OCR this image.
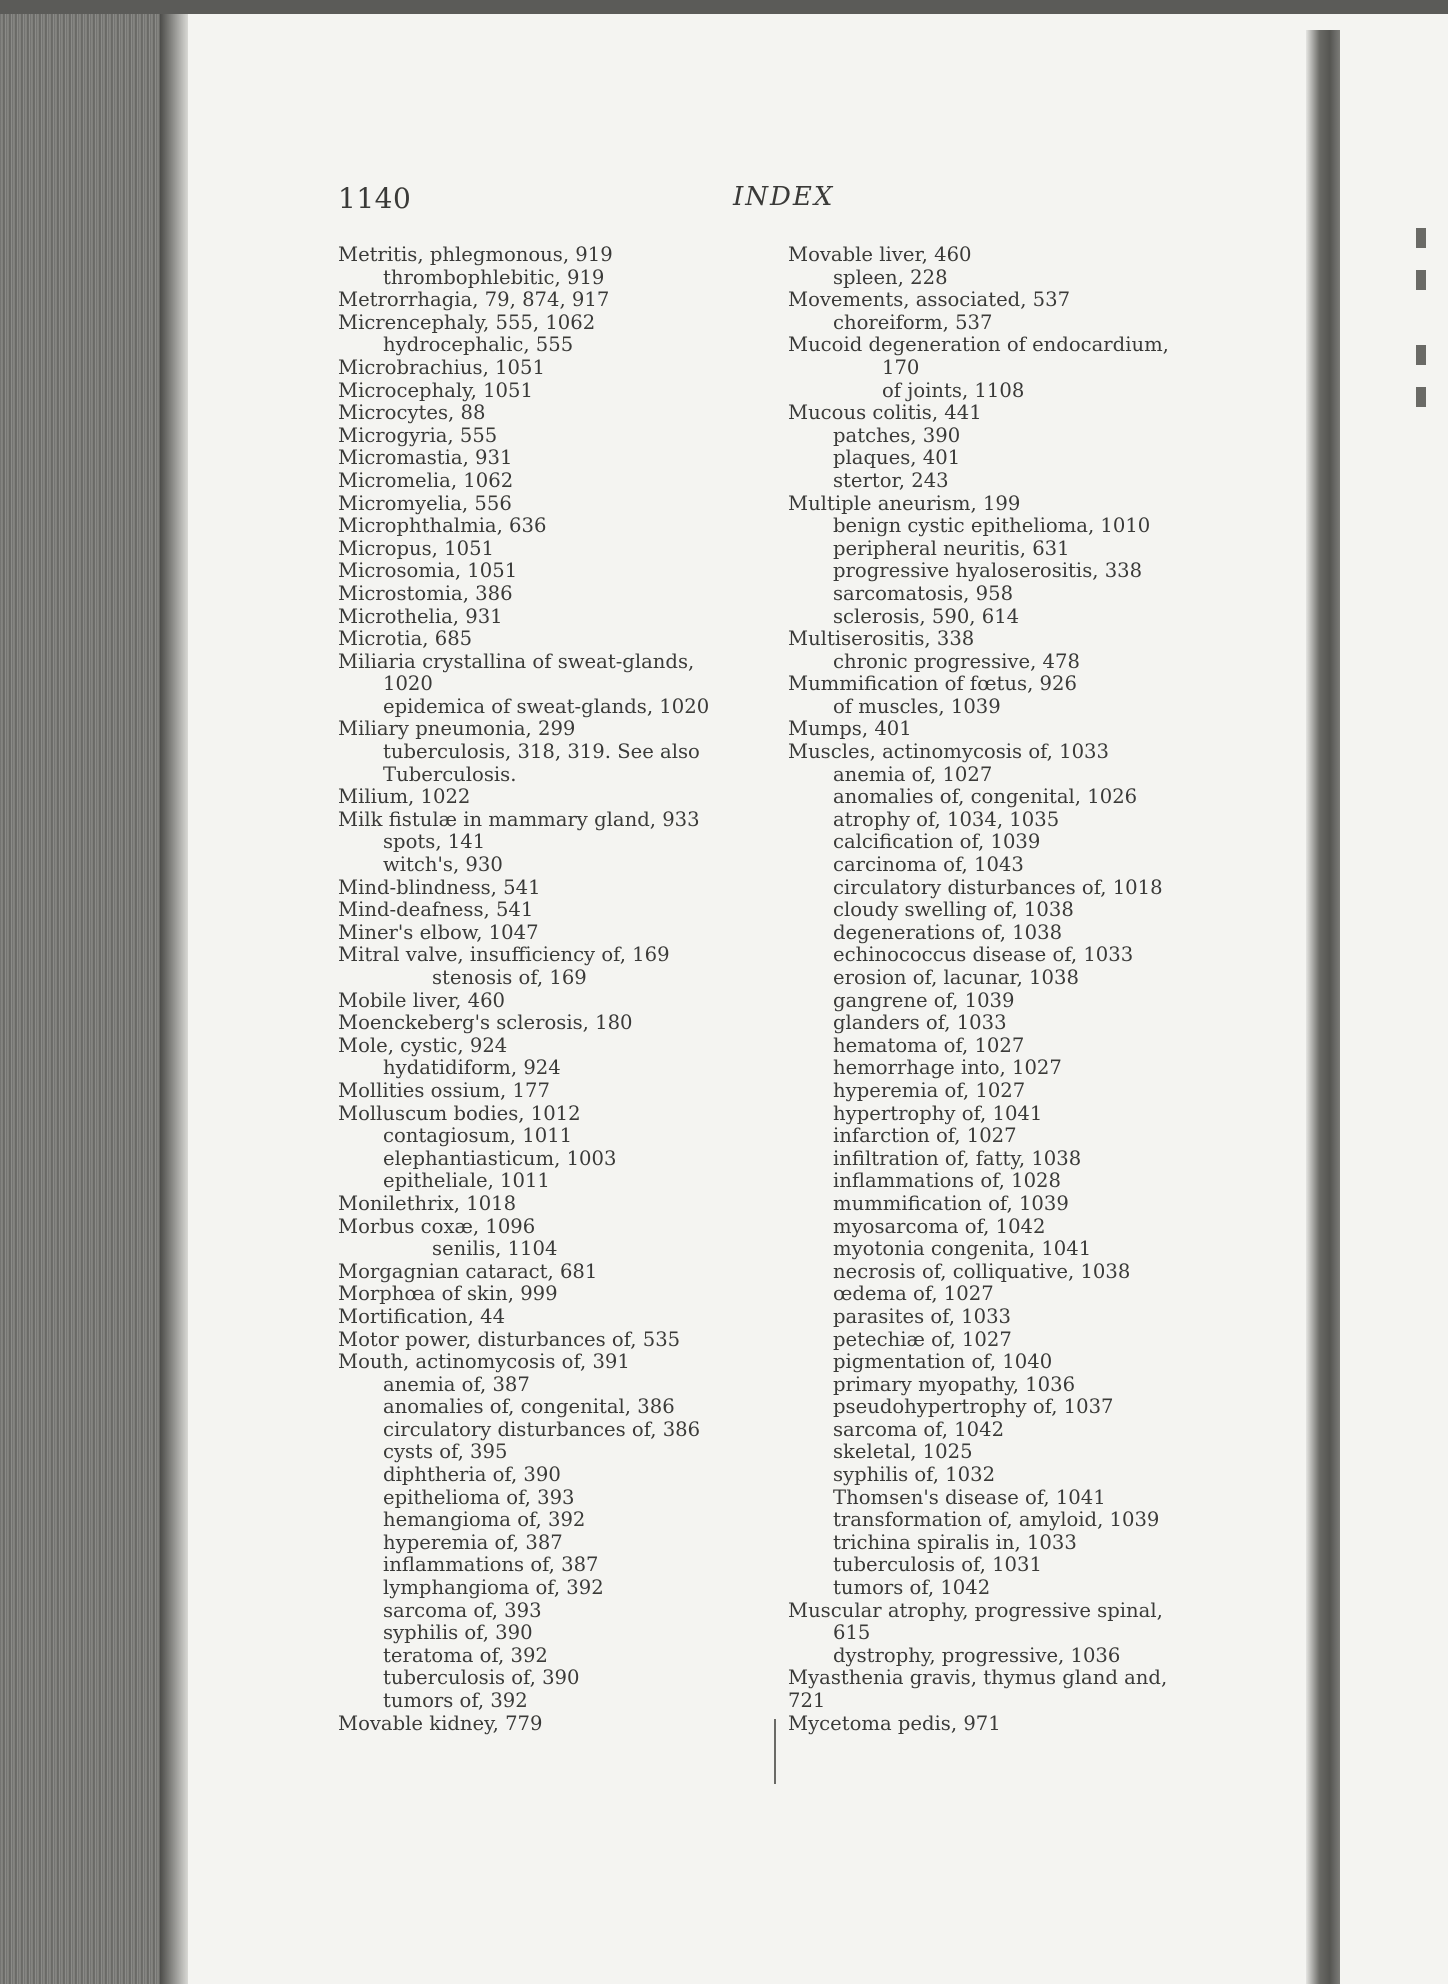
1140	INDEX
Metritis, phlegmonous, 919
thrombophlebitic, 919
Metrorrhagia, 79, 874, 917
Micrencephaly, 555, 1062
hydrocephalic, 555
Microbrachius, 1051
Microcephaly, 1051
Microcytes, 88
Microgyria, 555
Micromastia, 931
Micromelia, 1062
Micromyelia, 556
Microphthalmia, 636
Micropus, 1051
Microsomia, 1051
Microstomia, 386
Microthelia, 931
Microtia, 685
Miliaria crystallina of sweat-glands,
1020
epidemica of sweat-glands, 1020
Miliary pneumonia, 299
tuberculosis, 318, 319. See also
Tuberculosis.
Milium, 1022
Milk fistulæ in mammary gland, 933
spots, 141
witch's, 930
Mind-blindness, 541
Mind-deafness, 541
Miner's elbow, 1047
Mitral valve, insufficiency of, 169
stenosis of, 169
Mobile liver, 460
Moenckeberg's sclerosis, 180
Mole, cystic, 924
hydatidiform, 924
Mollities ossium, 177
Molluscum bodies, 1012
contagiosum, 1011
elephantiasticum, 1003
epitheliale, 1011
Monilethrix, 1018
Morbus coxæ, 1096
senilis, 1104
Morgagnian cataract, 681
Morphœa of skin, 999
Mortification, 44
Motor power, disturbances of, 535
Mouth, actinomycosis of, 391
anemia of, 387
anomalies of, congenital, 386
circulatory disturbances of, 386
cysts of, 395
diphtheria of, 390
epithelioma of, 393
hemangioma of, 392
hyperemia of, 387
inflammations of, 387
lymphangioma of, 392
sarcoma of, 393
syphilis of, 390
teratoma of, 392
tuberculosis of, 390
tumors of, 392
Movable kidney, 779
Movable liver, 460
spleen, 228
Movements, associated, 537
choreiform, 537
Mucoid degeneration of endocardium,
170
of joints, 1108
Mucous colitis, 441
patches, 390
plaques, 401
stertor, 243
Multiple aneurism, 199
benign cystic epithelioma, 1010
peripheral neuritis, 631
progressive hyaloserositis, 338
sarcomatosis, 958
sclerosis, 590, 614
Multiserositis, 338
chronic progressive, 478
Mummification of fœtus, 926
of muscles, 1039
Mumps, 401
Muscles, actinomycosis of, 1033
anemia of, 1027
anomalies of, congenital, 1026
atrophy of, 1034, 1035
calcification of, 1039
carcinoma of, 1043
circulatory disturbances of, 1018
cloudy swelling of, 1038
degenerations of, 1038
echinococcus disease of, 1033
erosion of, lacunar, 1038
gangrene of, 1039
glanders of, 1033
hematoma of, 1027
hemorrhage into, 1027
hyperemia of, 1027
hypertrophy of, 1041
infarction of, 1027
infiltration of, fatty, 1038
inflammations of, 1028
mummification of, 1039
myosarcoma of, 1042
myotonia congenita, 1041
necrosis of, colliquative, 1038
œdema of, 1027
parasites of, 1033
petechiæ of, 1027
pigmentation of, 1040
primary myopathy, 1036
pseudohypertrophy of, 1037
sarcoma of, 1042
skeletal, 1025
syphilis of, 1032
Thomsen's disease of, 1041
transformation of, amyloid, 1039
trichina spiralis in, 1033
tuberculosis of, 1031
tumors of, 1042
Muscular atrophy, progressive spinal,
615
dystrophy, progressive, 1036
Myasthenia gravis, thymus gland and,
721
Mycetoma pedis, 971
